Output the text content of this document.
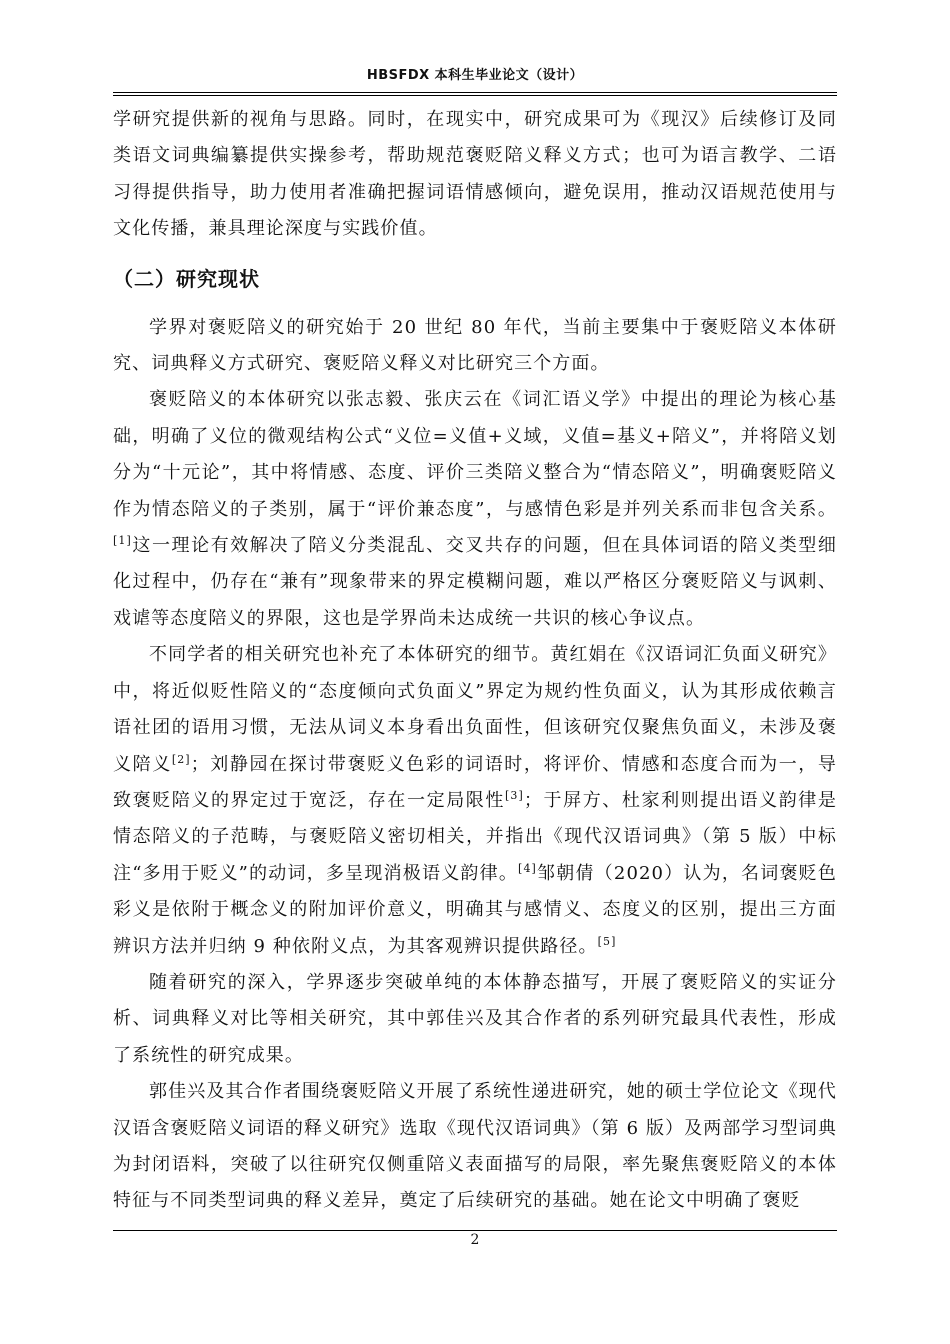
HBSFDX 本科生毕业论文（设计）

学研究提供新的视角与思路。同时，在现实中，研究成果可为《现汉》后续修订及同类语文词典编纂提供实操参考，帮助规范褒贬陪义释义方式；也可为语言教学、二语习得提供指导，助力使用者准确把握词语情感倾向，避免误用，推动汉语规范使用与文化传播，兼具理论深度与实践价值。

（二）研究现状

学界对褒贬陪义的研究始于 20 世纪 80 年代，当前主要集中于褒贬陪义本体研究、词典释义方式研究、褒贬陪义释义对比研究三个方面。

褒贬陪义的本体研究以张志毅、张庆云在《词汇语义学》中提出的理论为核心基础，明确了义位的微观结构公式“义位=义值+义域，义值=基义+陪义”，并将陪义划分为“十元论”，其中将情感、态度、评价三类陪义整合为“情态陪义”，明确褒贬陪义作为情态陪义的子类别，属于“评价兼态度”，与感情色彩是并列关系而非包含关系。[1]这一理论有效解决了陪义分类混乱、交叉共存的问题，但在具体词语的陪义类型细化过程中，仍存在“兼有”现象带来的界定模糊问题，难以严格区分褒贬陪义与讽刺、戏谑等态度陪义的界限，这也是学界尚未达成统一共识的核心争议点。

不同学者的相关研究也补充了本体研究的细节。黄红娟在《汉语词汇负面义研究》中，将近似贬性陪义的“态度倾向式负面义”界定为规约性负面义，认为其形成依赖言语社团的语用习惯，无法从词义本身看出负面性，但该研究仅聚焦负面义，未涉及褒义陪义[2]；刘静园在探讨带褒贬义色彩的词语时，将评价、情感和态度合而为一，导致褒贬陪义的界定过于宽泛，存在一定局限性[3]；于屏方、杜家利则提出语义韵律是情态陪义的子范畴，与褒贬陪义密切相关，并指出《现代汉语词典》（第 5 版）中标注“多用于贬义”的动词，多呈现消极语义韵律。[4]邹朝倩（2020）认为，名词褒贬色彩义是依附于概念义的附加评价意义，明确其与感情义、态度义的区别，提出三方面辨识方法并归纳 9 种依附义点，为其客观辨识提供路径。[5]

随着研究的深入，学界逐步突破单纯的本体静态描写，开展了褒贬陪义的实证分析、词典释义对比等相关研究，其中郭佳兴及其合作者的系列研究最具代表性，形成了系统性的研究成果。

郭佳兴及其合作者围绕褒贬陪义开展了系统性递进研究，她的硕士学位论文《现代汉语含褒贬陪义词语的释义研究》选取《现代汉语词典》（第 6 版）及两部学习型词典为封闭语料，突破了以往研究仅侧重陪义表面描写的局限，率先聚焦褒贬陪义的本体特征与不同类型词典的释义差异，奠定了后续研究的基础。她在论文中明确了褒贬

2
